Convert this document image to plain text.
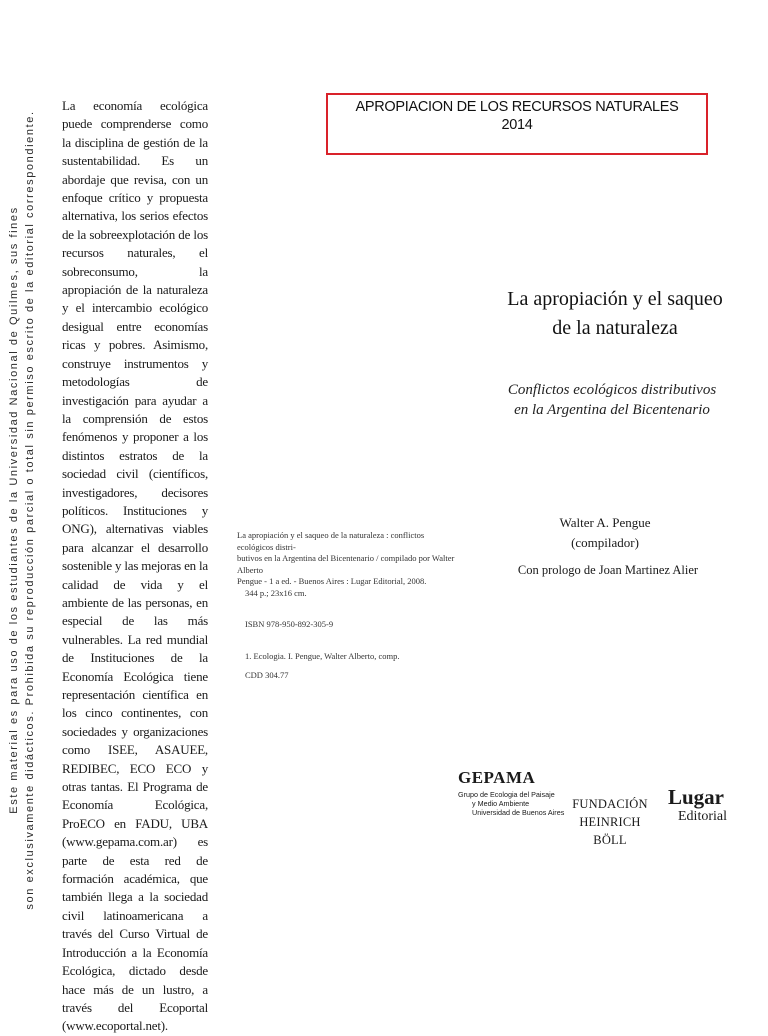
Este material es para uso de los estudiantes de la Universidad Nacional de Quilmes, sus fines son exclusivamente didácticos. Prohibida su reproducción parcial o total sin permiso escrito de la editorial correspondiente.
La economía ecológica puede comprenderse como la disciplina de gestión de la sustentabilidad. Es un abordaje que revisa, con un enfoque crítico y propuesta alternativa, los serios efectos de la sobreexplotación de los recursos naturales, el sobreconsumo, la apropiación de la naturaleza y el intercambio ecológico desigual entre economías ricas y pobres. Asimismo, construye instrumentos y metodologías de investigación para ayudar a la comprensión de estos fenómenos y proponer a los distintos estratos de la sociedad civil (científicos, investigadores, decisores políticos. Instituciones y ONG), alternativas viables para alcanzar el desarrollo sostenible y las mejoras en la calidad de vida y el ambiente de las personas, en especial de las más vulnerables. La red mundial de Instituciones de la Economía Ecológica tiene representación científica en los cinco continentes, con sociedades y organizaciones como ISEE, ASAUEE, REDIBEC, ECO ECO y otras tantas. El Programa de Economía Ecológica, ProECO en FADU, UBA (www.gepama.com.ar) es parte de esta red de formación académica, que también llega a la sociedad civil latinoamericana a través del Curso Virtual de Introducción a la Economía Ecológica, dictado desde hace más de un lustro, a través del Ecoportal (www.ecoportal.net).
APROPIACION DE LOS RECURSOS NATURALES
2014
La apropiación y el saqueo
de la naturaleza
Conflictos ecológicos distributivos
en la Argentina del Bicentenario
Walter A. Pengue
(compilador)
Con prologo de Joan Martinez Alier

La apropiación y el saqueo de la naturaleza : conflictos ecológicos distri-

butivos en la Argentina del Bicentenario / compilado por Walter Alberto

Pengue - 1 a ed. - Buenos Aires : Lugar Editorial, 2008.

344 p.; 23x16 cm.

ISBN 978-950-892-305-9

1. Ecologia. I. Pengue, Walter Alberto, comp.

CDD 304.77

GEPAMA
Grupo de Ecologia del Paisaje
y Medio Ambiente
Universidad de Buenos Aires
FUNDACIÓN
HEINRICH BÖLL
Lugar
Editorial
